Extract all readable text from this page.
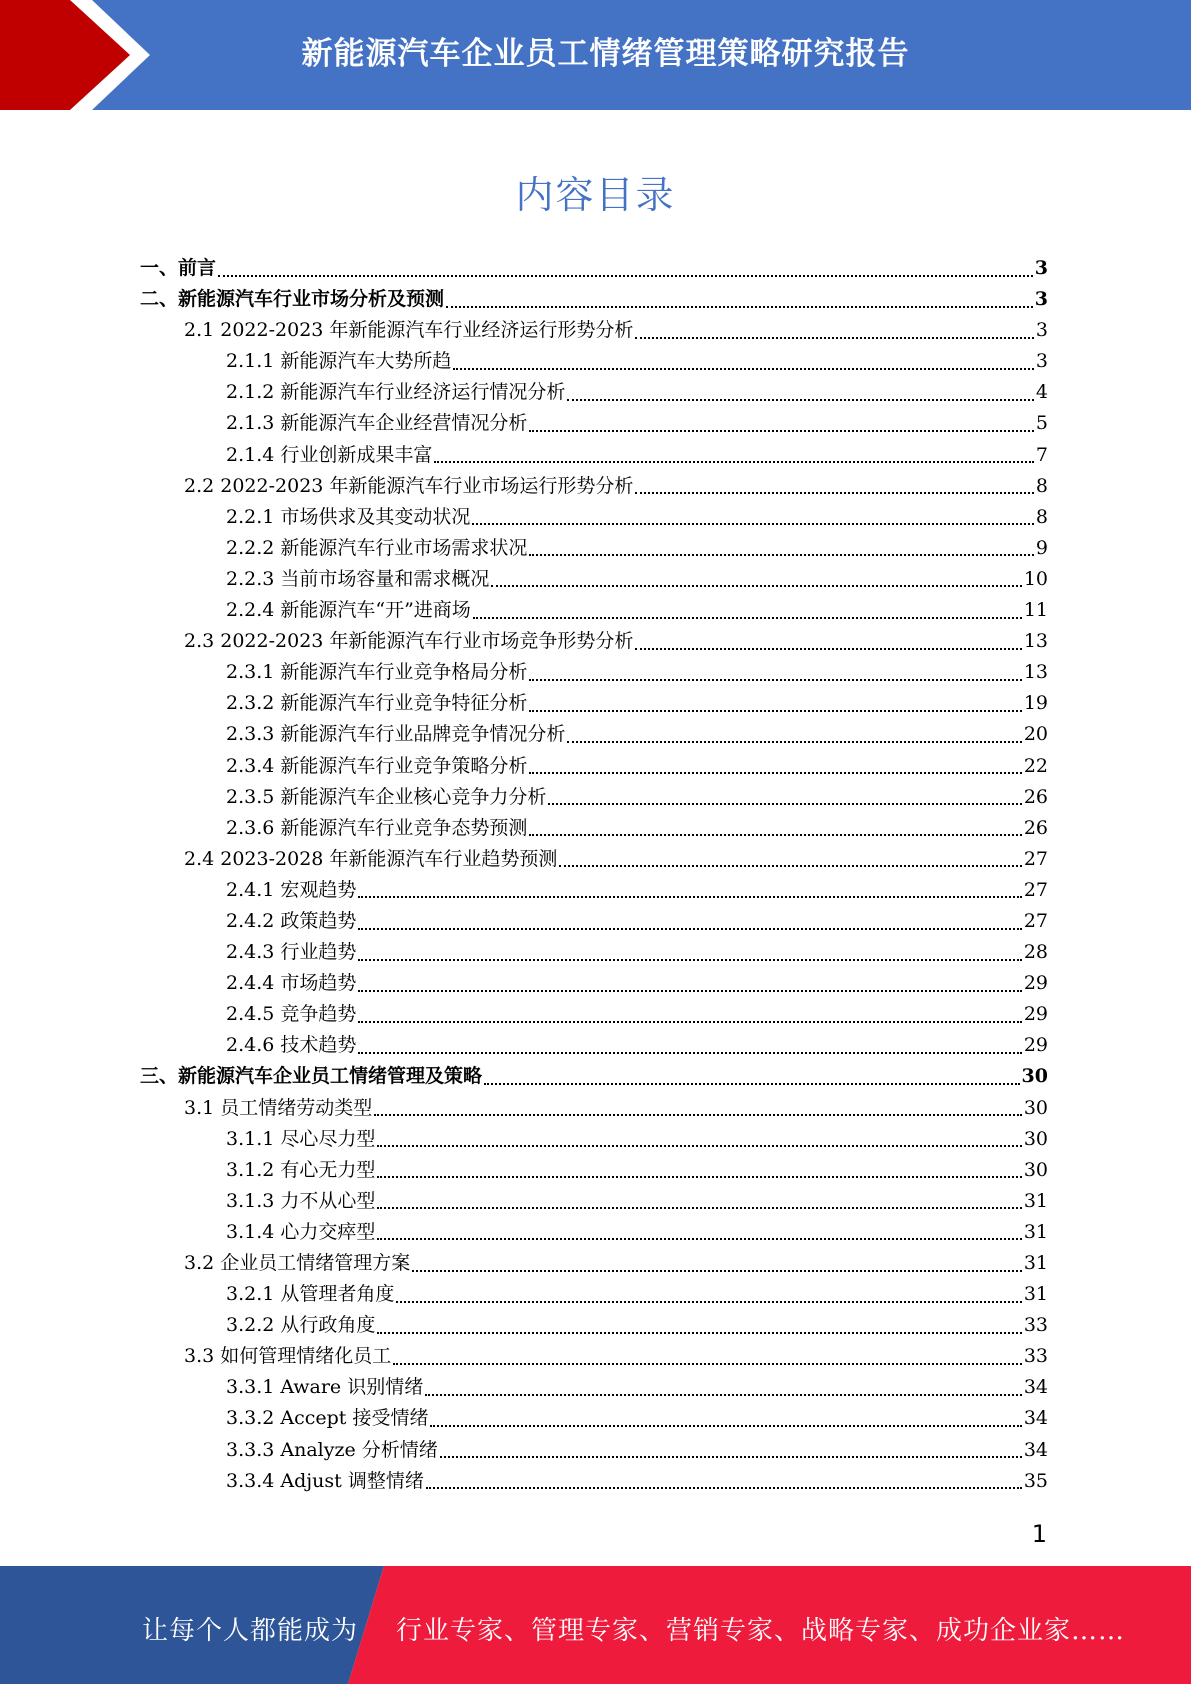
新能源汽车企业员工情绪管理策略研究报告
内容目录
一、前言	3
二、新能源汽车行业市场分析及预测	3
2.1 2022-2023 年新能源汽车行业经济运行形势分析	3
2.1.1 新能源汽车大势所趋	3
2.1.2 新能源汽车行业经济运行情况分析	4
2.1.3 新能源汽车企业经营情况分析	5
2.1.4 行业创新成果丰富	7
2.2 2022-2023 年新能源汽车行业市场运行形势分析	8
2.2.1 市场供求及其变动状况	8
2.2.2 新能源汽车行业市场需求状况	9
2.2.3 当前市场容量和需求概况	10
2.2.4 新能源汽车“开”进商场	11
2.3 2022-2023 年新能源汽车行业市场竞争形势分析	13
2.3.1 新能源汽车行业竞争格局分析	13
2.3.2 新能源汽车行业竞争特征分析	19
2.3.3 新能源汽车行业品牌竞争情况分析	20
2.3.4 新能源汽车行业竞争策略分析	22
2.3.5 新能源汽车企业核心竞争力分析	26
2.3.6 新能源汽车行业竞争态势预测	26
2.4 2023-2028 年新能源汽车行业趋势预测	27
2.4.1 宏观趋势	27
2.4.2 政策趋势	27
2.4.3 行业趋势	28
2.4.4 市场趋势	29
2.4.5 竞争趋势	29
2.4.6 技术趋势	29
三、新能源汽车企业员工情绪管理及策略	30
3.1 员工情绪劳动类型	30
3.1.1 尽心尽力型	30
3.1.2 有心无力型	30
3.1.3 力不从心型	31
3.1.4 心力交瘁型	31
3.2 企业员工情绪管理方案	31
3.2.1 从管理者角度	31
3.2.2 从行政角度	33
3.3 如何管理情绪化员工	33
3.3.1 Aware 识别情绪	34
3.3.2 Accept 接受情绪	34
3.3.3 Analyze 分析情绪	34
3.3.4 Adjust 调整情绪	35
1
让每个人都能成为 行业专家、管理专家、营销专家、战略专家、成功企业家……
